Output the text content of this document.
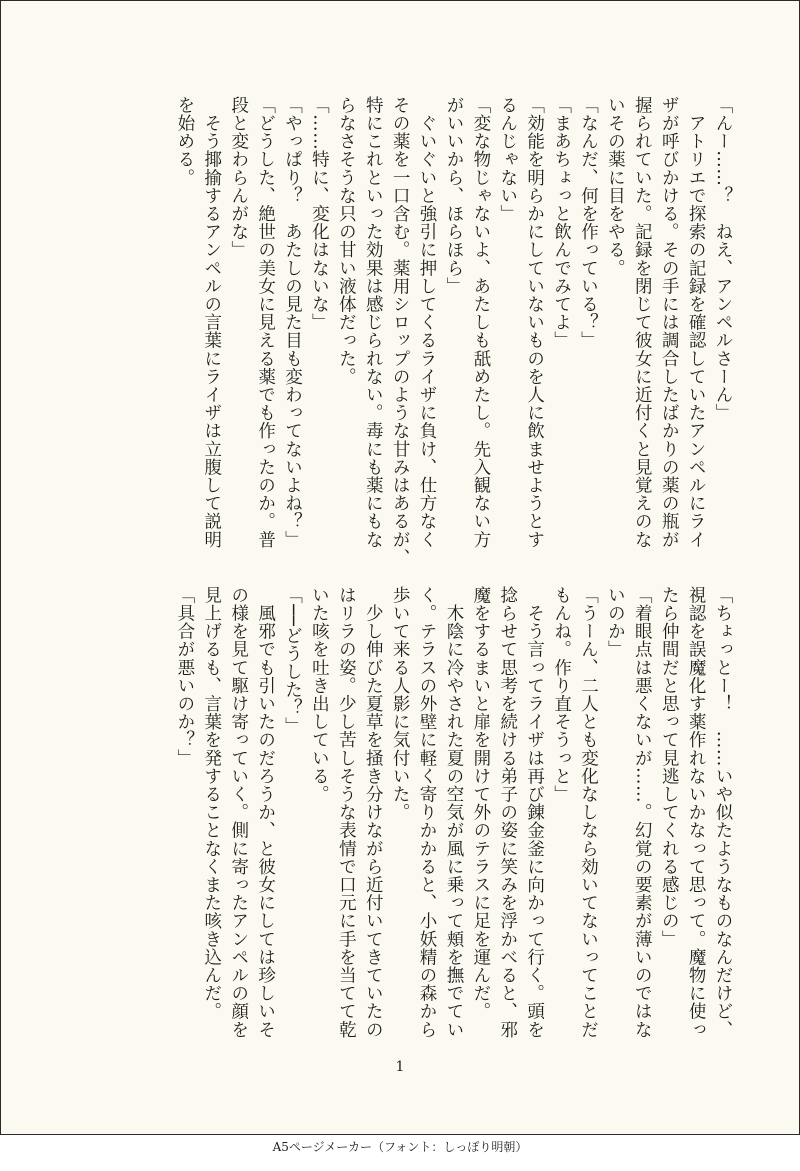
「んー……？　ねえ、アンペルさーん」

　アトリエで探索の記録を確認していたアンペルにライ

ザが呼びかける。その手には調合したばかりの薬の瓶が

握られていた。記録を閉じて彼女に近付くと見覚えのな

いその薬に目をやる。

「なんだ、何を作っている？」

「まあちょっと飲んでみてよ」

「効能を明らかにしていないものを人に飲ませようとす

るんじゃない」

「変な物じゃないよ、あたしも舐めたし。先入観ない方

がいいから、ほらほら」

　ぐいぐいと強引に押してくるライザに負け、仕方なく

その薬を一口含む。薬用シロップのような甘みはあるが、

特にこれといった効果は感じられない。毒にも薬にもな

らなさそうな只の甘い液体だった。

「……特に、変化はないな」

「やっぱり？　あたしの見た目も変わってないよね？」

「どうした、絶世の美女に見える薬でも作ったのか。普

段と変わらんがな」

　そう揶揄するアンペルの言葉にライザは立腹して説明

を始める。

「ちょっとー！　……いや似たようなものなんだけど、

視認を誤魔化す薬作れないかなって思って。魔物に使っ

たら仲間だと思って見逃してくれる感じの」

「着眼点は悪くないが……。幻覚の要素が薄いのではな

いのか」

「うーん、二人とも変化なしなら効いてないってことだ

もんね。作り直そうっと」

　そう言ってライザは再び錬金釜に向かって行く。頭を

捻らせて思考を続ける弟子の姿に笑みを浮かべると、邪

魔をするまいと扉を開けて外のテラスに足を運んだ。

　木陰に冷やされた夏の空気が風に乗って頬を撫でてい

く。テラスの外壁に軽く寄りかかると、小妖精の森から

歩いて来る人影に気付いた。

　少し伸びた夏草を掻き分けながら近付いてきていたの

はリラの姿。少し苦しそうな表情で口元に手を当てて乾

いた咳を吐き出している。

「──どうした？」

　風邪でも引いたのだろうか、と彼女にしては珍しいそ

の様を見て駆け寄っていく。側に寄ったアンペルの顔を

見上げるも、言葉を発することなくまた咳き込んだ。

「具合が悪いのか？」

1
A5ページメーカー（フォント：しっぽり明朝）
